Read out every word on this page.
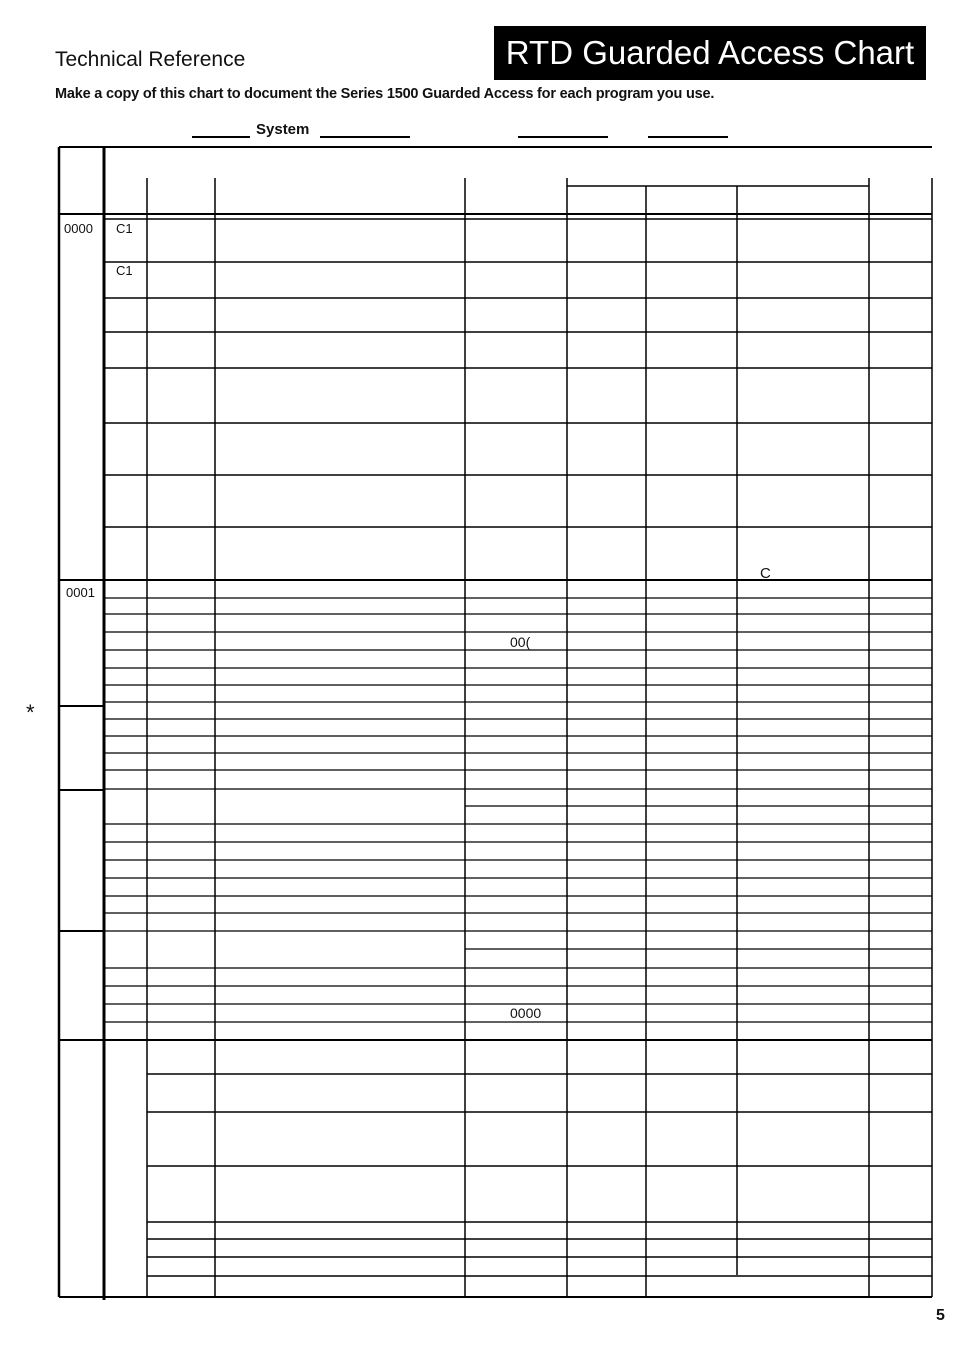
Technical Reference	RTD Guarded Access Chart
Make a copy of this chart to document the Series 1500 Guarded Access for each program you use.
System
0000 C1
C1
C
0001
00(
0000
*
5
